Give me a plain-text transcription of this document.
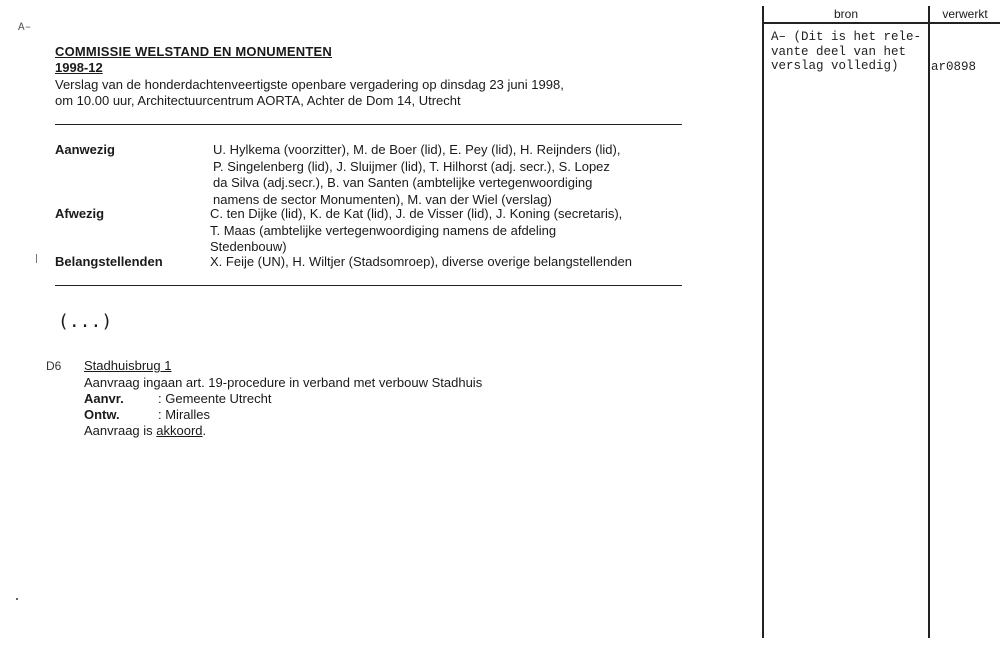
A–
COMMISSIE WELSTAND EN MONUMENTEN
1998-12
Verslag van de honderdachtenveertigste openbare vergadering op dinsdag 23 juni 1998,
om 10.00 uur, Architectuurcentrum AORTA, Achter de Dom 14, Utrecht
Aanwezig	U. Hylkema (voorzitter), M. de Boer (lid), E. Pey (lid), H. Reijnders (lid),
P. Singelenberg (lid), J. Sluijmer (lid), T. Hilhorst (adj. secr.), S. Lopez
da Silva (adj.secr.), B. van Santen (ambtelijke vertegenwoordiging
namens de sector Monumenten), M. van der Wiel (verslag)
Afwezig	C. ten Dijke (lid), K. de Kat (lid), J. de Visser (lid), J. Koning (secretaris),
T. Maas (ambtelijke vertegenwoordiging namens de afdeling
Stedenbouw)
Belangstellenden	X. Feije (UN), H. Wiltjer (Stadsomroep), diverse overige belangstellenden
(...)
D6 Stadhuisbrug 1
Aanvraag ingaan art. 19-procedure in verband met verbouw Stadhuis
Aanvr.	: Gemeente Utrecht
Ontw.	: Miralles
Aanvraag is akkoord.
bron	verwerkt
A– (Dit is het rele-
vante deel van het
verslag volledig)	ar0898
